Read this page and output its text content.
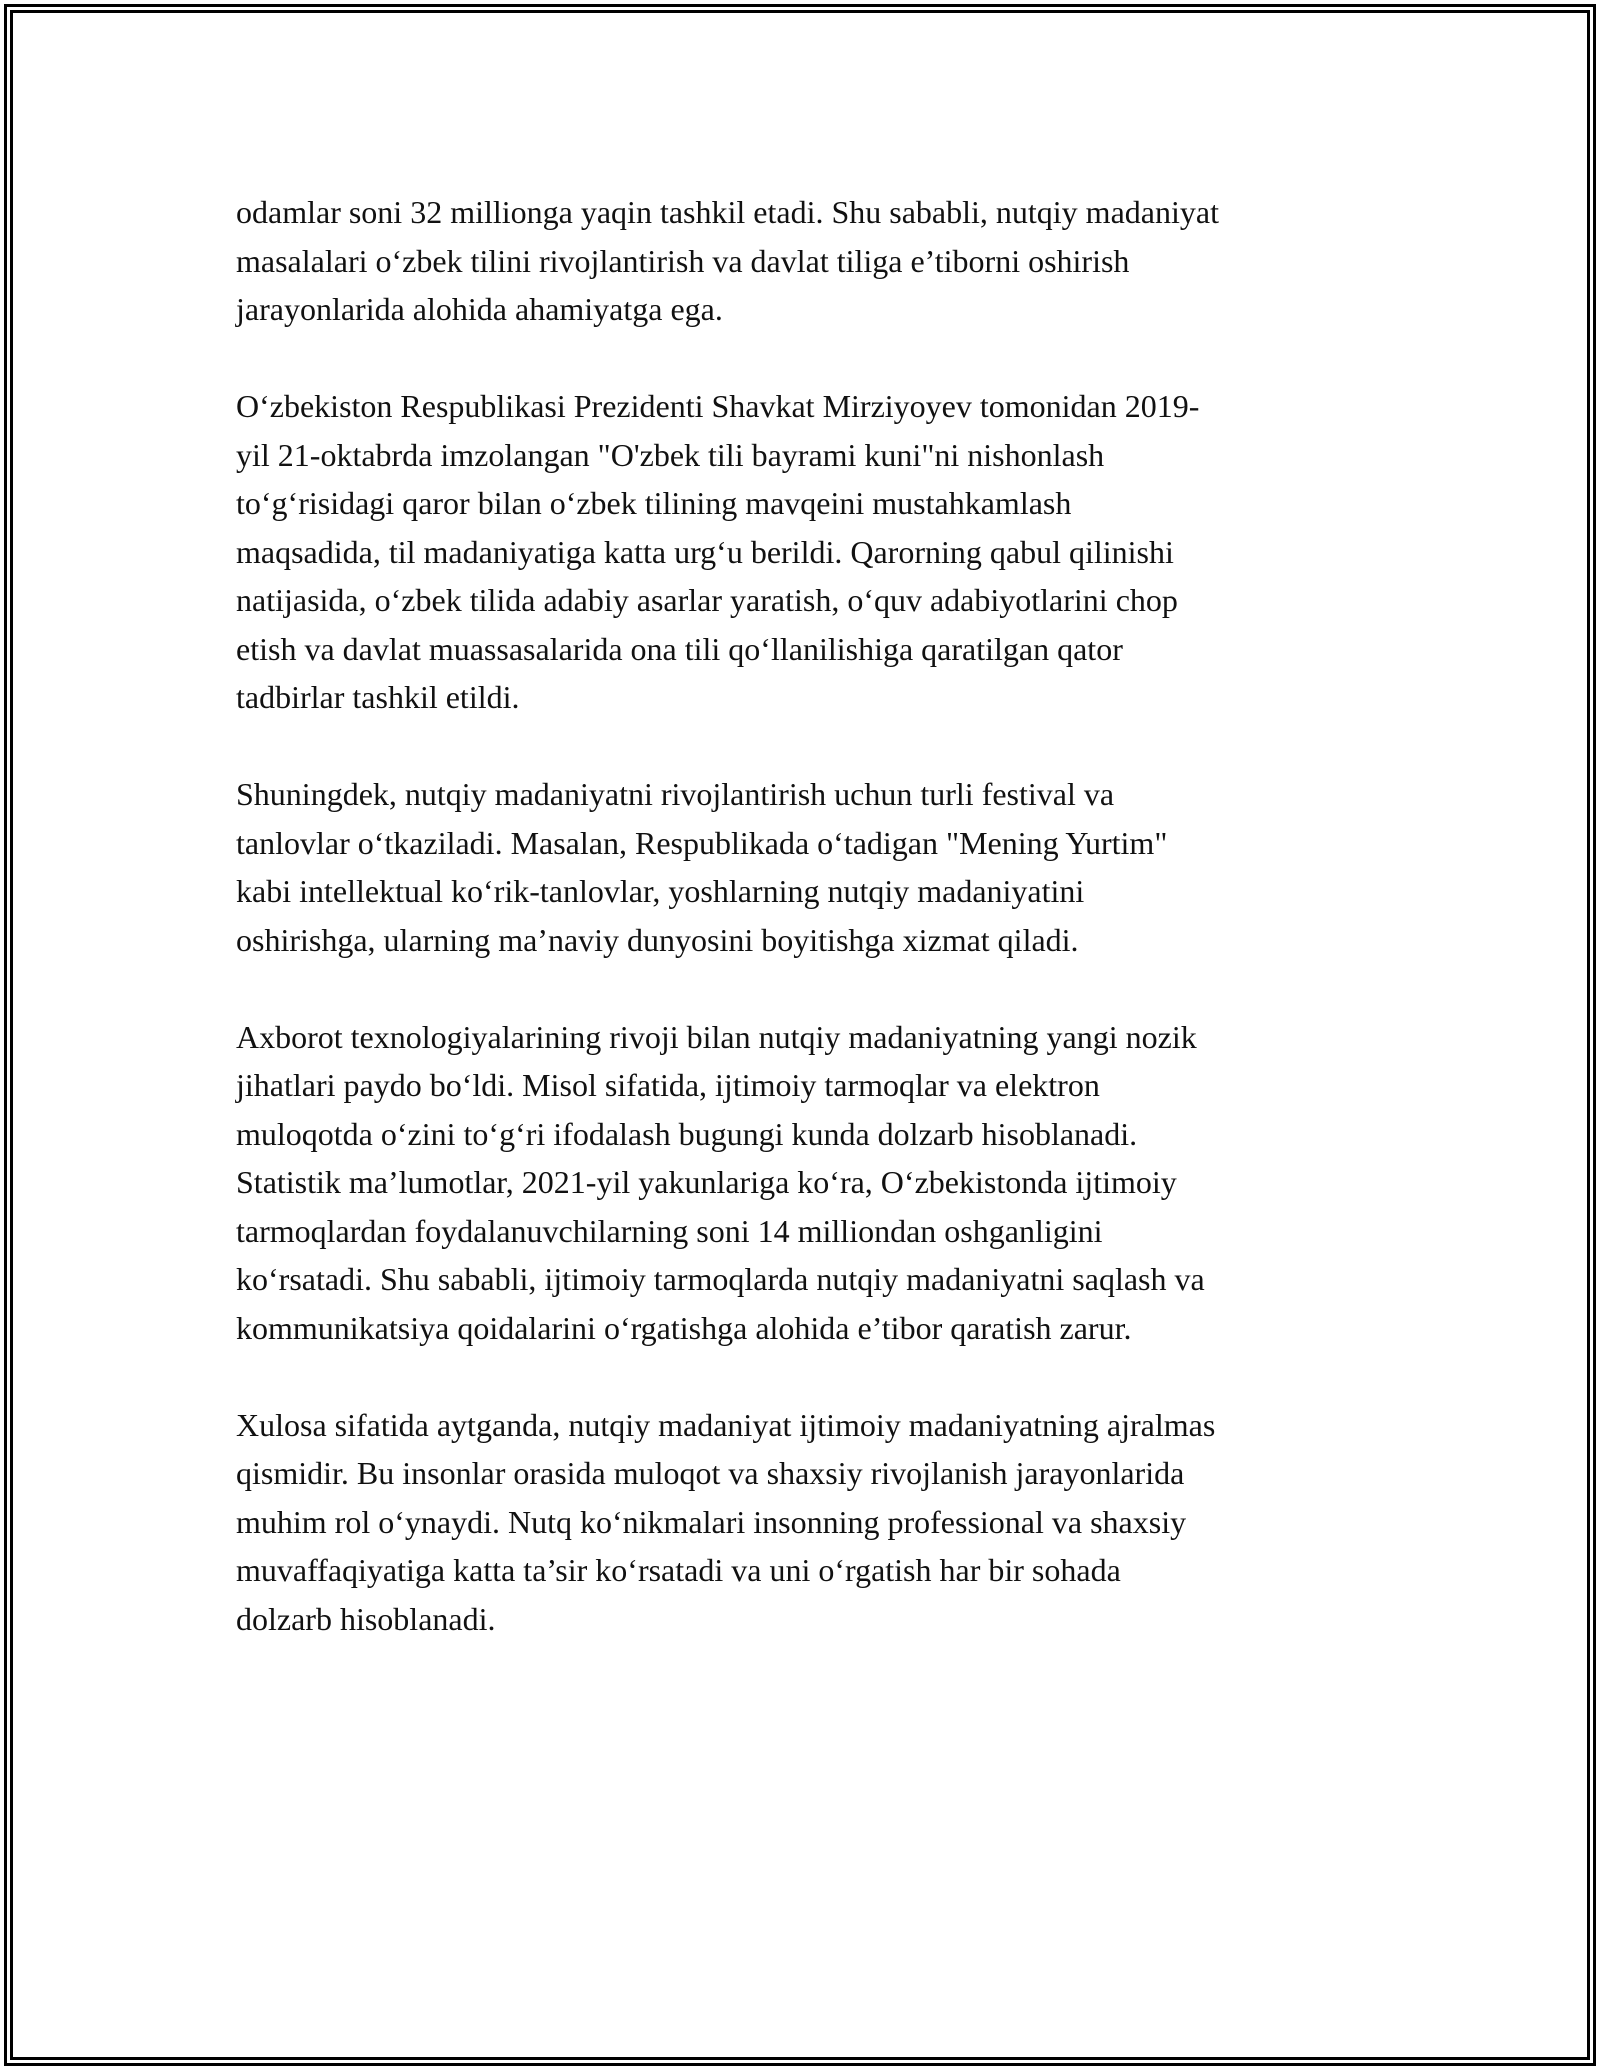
odamlar soni 32 millionga yaqin tashkil etadi. Shu sababli, nutqiy madaniyat
masalalari o‘zbek tilini rivojlantirish va davlat tiliga e’tiborni oshirish
jarayonlarida alohida ahamiyatga ega.

O‘zbekiston Respublikasi Prezidenti Shavkat Mirziyoyev tomonidan 2019-
yil 21-oktabrda imzolangan "O'zbek tili bayrami kuni"ni nishonlash
to‘g‘risidagi qaror bilan o‘zbek tilining mavqeini mustahkamlash
maqsadida, til madaniyatiga katta urg‘u berildi. Qarorning qabul qilinishi
natijasida, o‘zbek tilida adabiy asarlar yaratish, o‘quv adabiyotlarini chop
etish va davlat muassasalarida ona tili qo‘llanilishiga qaratilgan qator
tadbirlar tashkil etildi.

Shuningdek, nutqiy madaniyatni rivojlantirish uchun turli festival va
tanlovlar o‘tkaziladi. Masalan, Respublikada o‘tadigan "Mening Yurtim"
kabi intellektual ko‘rik-tanlovlar, yoshlarning nutqiy madaniyatini
oshirishga, ularning ma’naviy dunyosini boyitishga xizmat qiladi.

Axborot texnologiyalarining rivoji bilan nutqiy madaniyatning yangi nozik
jihatlari paydo bo‘ldi. Misol sifatida, ijtimoiy tarmoqlar va elektron
muloqotda o‘zini to‘g‘ri ifodalash bugungi kunda dolzarb hisoblanadi.
Statistik ma’lumotlar, 2021-yil yakunlariga ko‘ra, O‘zbekistonda ijtimoiy
tarmoqlardan foydalanuvchilarning soni 14 milliondan oshganligini
ko‘rsatadi. Shu sababli, ijtimoiy tarmoqlarda nutqiy madaniyatni saqlash va
kommunikatsiya qoidalarini o‘rgatishga alohida e’tibor qaratish zarur.

Xulosa sifatida aytganda, nutqiy madaniyat ijtimoiy madaniyatning ajralmas
qismidir. Bu insonlar orasida muloqot va shaxsiy rivojlanish jarayonlarida
muhim rol o‘ynaydi. Nutq ko‘nikmalari insonning professional va shaxsiy
muvaffaqiyatiga katta ta’sir ko‘rsatadi va uni o‘rgatish har bir sohada
dolzarb hisoblanadi.
